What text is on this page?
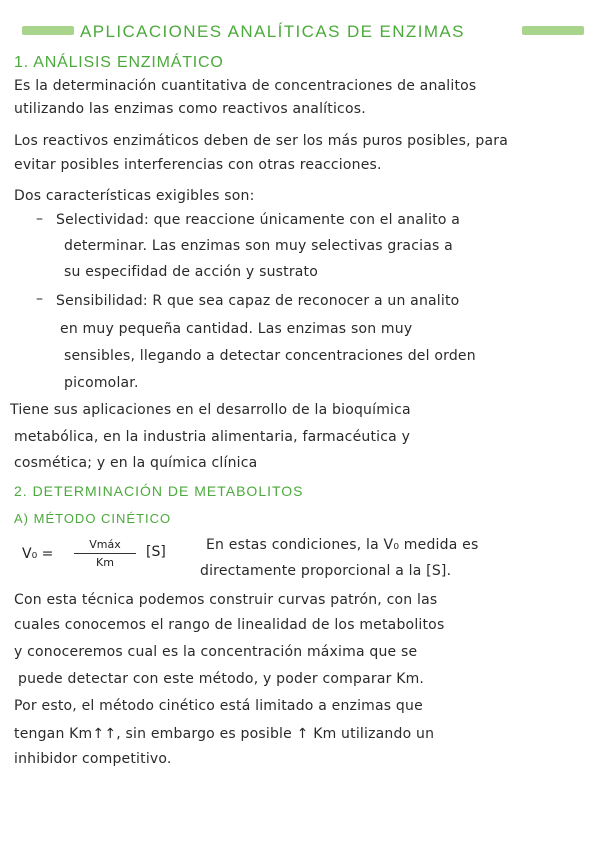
APLICACIONES ANALÍTICAS DE ENZIMAS
1. ANÁLISIS ENZIMÁTICO
Es la determinación cuantitativa de concentraciones de analitos
utilizando las enzimas como reactivos analíticos.
Los reactivos enzimáticos deben de ser los más puros posibles, para
evitar posibles interferencias con otras reacciones.
Dos características exigibles son:
– Selectividad: que reaccione únicamente con el analito a
determinar. Las enzimas son muy selectivas gracias a
su especifidad de acción y sustrato
– Sensibilidad: R que sea capaz de reconocer a un analito
en muy pequeña cantidad. Las enzimas son muy
sensibles, llegando a detectar concentraciones del orden
picomolar.
Tiene sus aplicaciones en el desarrollo de la bioquímica
metabólica, en la industria alimentaria, farmacéutica y
cosmética; y en la química clínica
2. DETERMINACIÓN DE METABOLITOS
A) MÉTODO CINÉTICO
V₀ =
Vmáx
Km
[S]	En estas condiciones, la V₀ medida es
directamente proporcional a la [S].
Con esta técnica podemos construir curvas patrón, con las
cuales conocemos el rango de linealidad de los metabolitos
y conoceremos cual es la concentración máxima que se
puede detectar con este método, y poder comparar Km.
Por esto, el método cinético está limitado a enzimas que
tengan Km↑↑, sin embargo es posible ↑ Km utilizando un
inhibidor competitivo.
